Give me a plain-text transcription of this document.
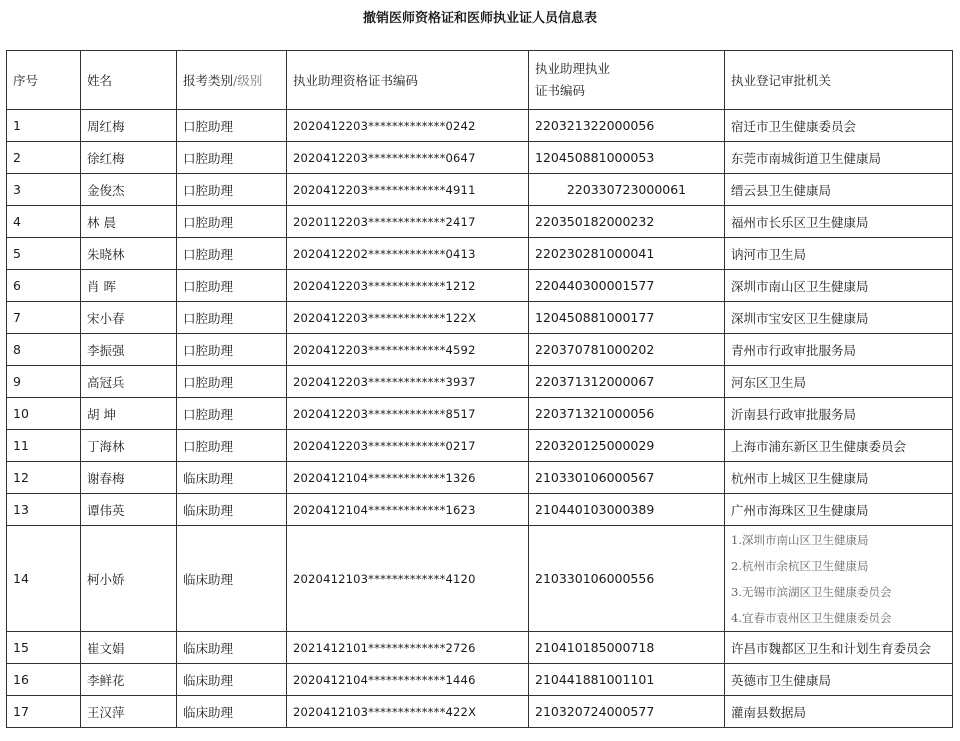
撤销医师资格证和医师执业证人员信息表
序号	姓名	报考类别/级别	执业助理资格证书编码	执业助理执业
证书编码	执业登记审批机关
1	周红梅	口腔助理	2020412203*************0242	220321322000056	宿迁市卫生健康委员会
2	徐红梅	口腔助理	2020412203*************0647	120450881000053	东莞市南城街道卫生健康局
3	金俊杰	口腔助理	2020412203*************4911	220330723000061	缙云县卫生健康局
4	林 晨	口腔助理	2020112203*************2417	220350182000232	福州市长乐区卫生健康局
5	朱晓林	口腔助理	2020412202*************0413	220230281000041	讷河市卫生局
6	肖 晖	口腔助理	2020412203*************1212	220440300001577	深圳市南山区卫生健康局
7	宋小春	口腔助理	2020412203*************122X	120450881000177	深圳市宝安区卫生健康局
8	李振强	口腔助理	2020412203*************4592	220370781000202	青州市行政审批服务局
9	高冠兵	口腔助理	2020412203*************3937	220371312000067	河东区卫生局
10	胡 坤	口腔助理	2020412203*************8517	220371321000056	沂南县行政审批服务局
11	丁海林	口腔助理	2020412203*************0217	220320125000029	上海市浦东新区卫生健康委员会
12	谢春梅	临床助理	2020412104*************1326	210330106000567	杭州市上城区卫生健康局
13	谭伟英	临床助理	2020412104*************1623	210440103000389	广州市海珠区卫生健康局
14	柯小娇	临床助理	2020412103*************4120	210330106000556	1.深圳市南山区卫生健康局
2.杭州市余杭区卫生健康局
3.无锡市滨湖区卫生健康委员会
4.宜春市袁州区卫生健康委员会

15	崔文娟	临床助理	2021412101*************2726	210410185000718	许昌市魏都区卫生和计划生育委员会
16	李鲜花	临床助理	2020412104*************1446	210441881001101	英德市卫生健康局
17	王汉萍	临床助理	2020412103*************422X	210320724000577	灌南县数据局
